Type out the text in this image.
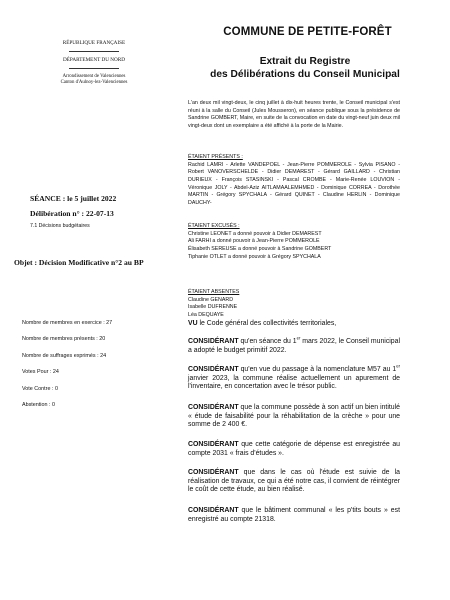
RÉPUBLIQUE FRANÇAISE
DÉPARTEMENT DU NORD
Arrondissement de Valenciennes
Canton d'Aulnoy-lez-Valenciennes
COMMUNE DE PETITE-FORÊT
Extrait du Registre
des Délibérations du Conseil Municipal
L'an deux mil vingt-deux, le cinq juillet à dix-huit heures trente, le Conseil municipal s'est réuni à la salle du Conseil (Jules Mousseron), en séance publique sous la présidence de Sandrine GOMBERT, Maire, en suite de la convocation en date du vingt-neuf juin deux mil vingt-deux dont un exemplaire a été affiché à la porte de la Mairie.
ÉTAIENT PRÉSENTS :
Rachid LAMRI - Arlette VANDEPOEL - Jean-Pierre POMMEROLE - Sylvia PISANO - Robert VANOVERSCHELDE - Didier DEMAREST - Gérard GAILLARD - Christian DURIEUX - François STASINSKI - Pascal CROMBE - Marie-Renée LOUVION - Véronique JOLY - Abdel-Aziz AITLAMAALEMHMED - Dominique CORREA - Dorothée MARTIN - Grégory SPYCHALA - Gérard QUINET - Claudine HERLIN - Dominique DAUCHY-
ÉTAIENT EXCUSÉS :
Christine LEONET a donné pouvoir à Didier DEMAREST
Ali FARHI a donné pouvoir à Jean-Pierre POMMEROLE
Élisabeth SEREUSE a donné pouvoir à Sandrine GOMBERT
Tiphanie OTLET a donné pouvoir à Grégory SPYCHALA
ÉTAIENT ABSENTES
Claudine GENARD
Isabelle DUFRENNE
Léa DEQUAYE
SÉANCE : le 5 juillet 2022
Délibération n° : 22-07-13
7.1 Décisions budgétaires
Objet : Décision Modificative n°2 au BP
Nombre de membres en exercice : 27
Nombre de membres présents : 20
Nombre de suffrages exprimés : 24
Votes Pour : 24
Vote Contre : 0
Abstention : 0
VU le Code général des collectivités territoriales,
CONSIDÉRANT qu'en séance du 1er mars 2022, le Conseil municipal a adopté le budget primitif 2022.
CONSIDÉRANT qu'en vue du passage à la nomenclature M57 au 1er janvier 2023, la commune réalise actuellement un apurement de l'inventaire, en concertation avec le trésor public.
CONSIDÉRANT que la commune possède à son actif un bien intitulé « étude de faisabilité pour la réhabilitation de la crèche » pour une somme de 2 400 €.
CONSIDÉRANT que cette catégorie de dépense est enregistrée au compte 2031 « frais d'études ».
CONSIDÉRANT que dans le cas où l'étude est suivie de la réalisation de travaux, ce qui a été notre cas, il convient de réintégrer le coût de cette étude, au bien réalisé.
CONSIDÉRANT que le bâtiment communal « les p'tits bouts » est enregistré au compte 21318.
